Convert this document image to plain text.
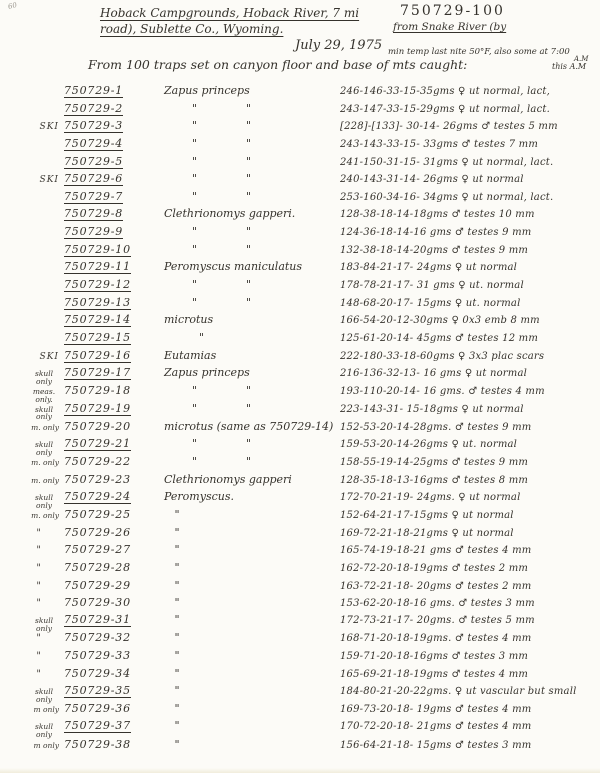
60	Hoback Campgrounds, Hoback River, 7 mi	750729-100
from Snake River (by
road), Sublette Co., Wyoming.
July 29, 1975 min temp last nite 50°F, also some at 7:00
A.M
this A.M
From 100 traps set on canyon floor and base of mts caught:
750729-1	Zapus princeps	246-146-33-15-35gms ♀ ut normal, lact,
750729-2	"              "	243-147-33-15-29gms ♀ ut normal, lact.
SKI 750729-3	"              "	[228]-[133]- 30-14- 26gms ♂ testes 5 mm
750729-4	"              "	243-143-33-15- 33gms ♂ testes 7 mm
750729-5	"              "	241-150-31-15- 31gms ♀ ut normal, lact.
SKI 750729-6	"              "	240-143-31-14- 26gms ♀ ut normal
750729-7	"              "	253-160-34-16- 34gms ♀ ut normal, lact.
750729-8	Clethrionomys gapperi.	128-38-18-14-18gms ♂ testes 10 mm
750729-9	"              "	124-36-18-14-16 gms ♂ testes 9 mm
750729-10	"              "	132-38-18-14-20gms ♂ testes 9 mm
750729-11	Peromyscus maniculatus	183-84-21-17- 24gms ♀ ut normal
750729-12	"              "	178-78-21-17- 31 gms ♀ ut. normal
750729-13	"              "	148-68-20-17- 15gms ♀ ut. normal
750729-14	microtus	166-54-20-12-30gms ♀ 0x3 emb 8 mm
750729-15	"	125-61-20-14- 45gms ♂ testes 12 mm
SKI 750729-16	Eutamias	222-180-33-18-60gms ♀ 3x3 plac scars
skull only
750729-17	Zapus princeps	216-136-32-13- 16 gms ♀ ut normal
meas. only.
750729-18	"              "	193-110-20-14- 16 gms. ♂ testes 4 mm
skull only
750729-19	"              "	223-143-31- 15-18gms ♀ ut normal
m. only 750729-20	microtus (same as 750729-14) 152-53-20-14-28gms. ♂ testes 9 mm
skull only
750729-21	"              "	159-53-20-14-26gms ♀ ut. normal
m. only 750729-22	"              "	158-55-19-14-25gms ♂ testes 9 mm
m. only 750729-23	Clethrionomys gapperi	128-35-18-13-16gms ♂ testes 8 mm
skull only
750729-24	Peromyscus.	172-70-21-19- 24gms. ♀ ut normal
m. only 750729-25	"	152-64-21-17-15gms ♀ ut normal
"	750729-26	"	169-72-21-18-21gms ♀ ut normal
"	750729-27	"	165-74-19-18-21 gms ♂ testes 4 mm
"	750729-28	"	162-72-20-18-19gms ♂ testes 2 mm
"	750729-29	"	163-72-21-18- 20gms ♂ testes 2 mm
"	750729-30	"	153-62-20-18-16 gms. ♂ testes 3 mm
skull only
750729-31	"	172-73-21-17- 20gms. ♂ testes 5 mm
"	750729-32	"	168-71-20-18-19gms. ♂ testes 4 mm
"	750729-33	"	159-71-20-18-16gms ♂ testes 3 mm
"	750729-34	"	165-69-21-18-19gms ♂ testes 4 mm
skull only
750729-35	"	184-80-21-20-22gms. ♀ ut vascular but small
m only 750729-36	"	169-73-20-18- 19gms ♂ testes 4 mm
skull only
750729-37	"	170-72-20-18- 21gms ♂ testes 4 mm
m only 750729-38	"	156-64-21-18- 15gms ♂ testes 3 mm
